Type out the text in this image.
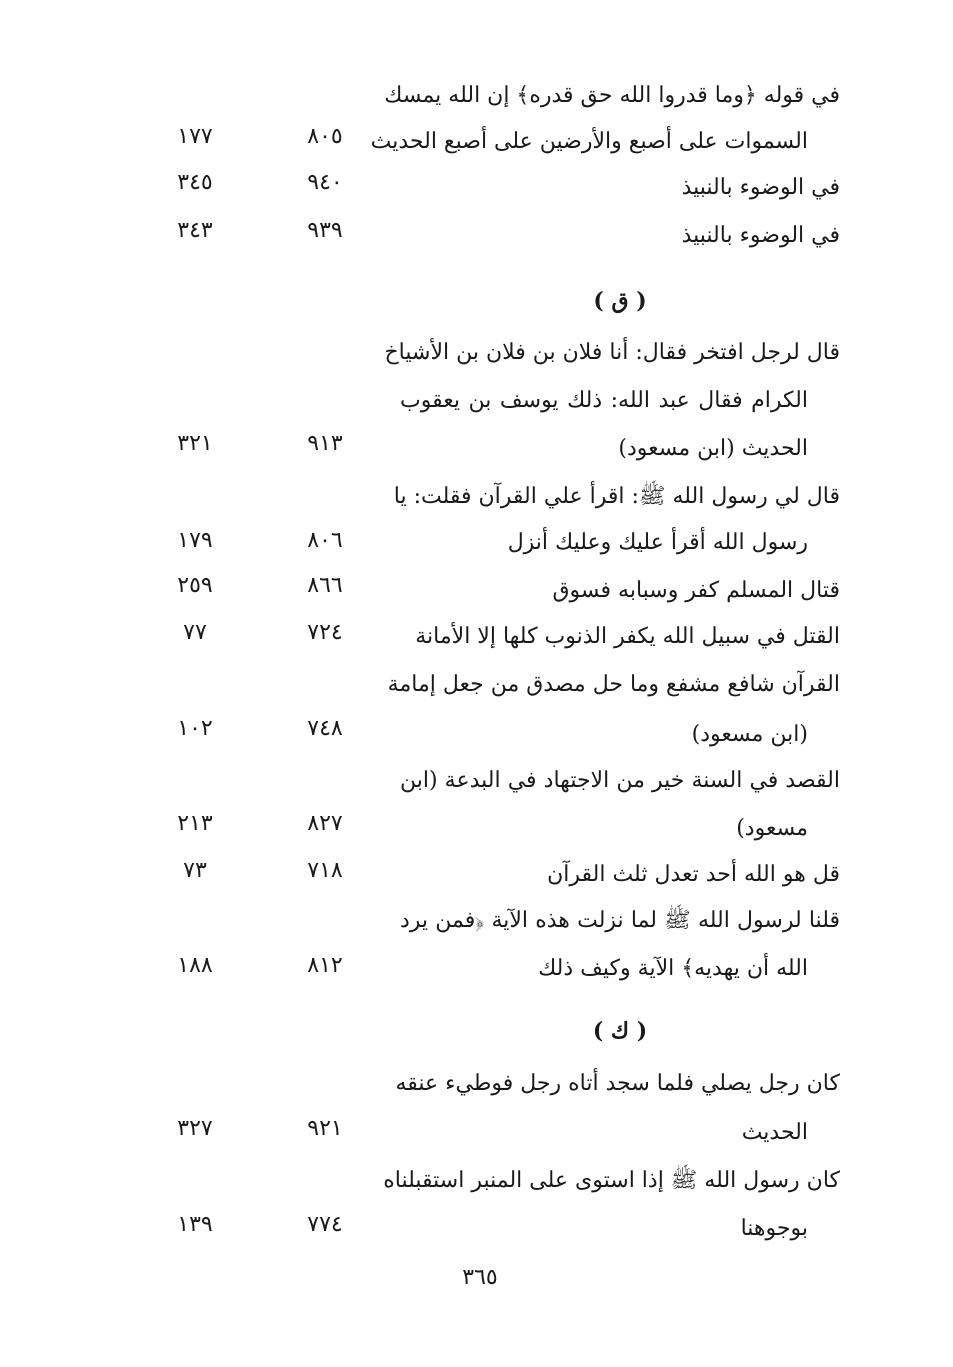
في قوله ﴿وما قدروا الله حق قدره﴾ إن الله يمسك
السموات على أصبع والأرضين على أصبع الحديث
٨٠٥
١٧٧
في الوضوء بالنبيذ
٩٤٠
٣٤٥
في الوضوء بالنبيذ
٩٣٩
٣٤٣
( ق )
قال لرجل افتخر فقال: أنا فلان بن فلان بن الأشياخ
الكرام فقال عبد الله: ذلك يوسف بن يعقوب
الحديث (ابن مسعود)
٩١٣
٣٢١
قال لي رسول الله ﷺ: اقرأ علي القرآن فقلت: يا
رسول الله أقرأ عليك وعليك أنزل
٨٠٦
١٧٩
قتال المسلم كفر وسبابه فسوق
٨٦٦
٢٥٩
القتل في سبيل الله يكفر الذنوب كلها إلا الأمانة
٧٢٤
٧٧
القرآن شافع مشفع وما حل مصدق من جعل إمامة
(ابن مسعود)
٧٤٨
١٠٢
القصد في السنة خير من الاجتهاد في البدعة (ابن
مسعود)
٨٢٧
٢١٣
قل هو الله أحد تعدل ثلث القرآن
٧١٨
٧٣
قلنا لرسول الله ﷺ لما نزلت هذه الآية ﴿فمن يرد
الله أن يهديه﴾ الآية وكيف ذلك
٨١٢
١٨٨
( ك )
كان رجل يصلي فلما سجد أتاه رجل فوطيء عنقه
الحديث
٩٢١
٣٢٧
كان رسول الله ﷺ إذا استوى على المنبر استقبلناه
بوجوهنا
٧٧٤
١٣٩
٣٦٥
